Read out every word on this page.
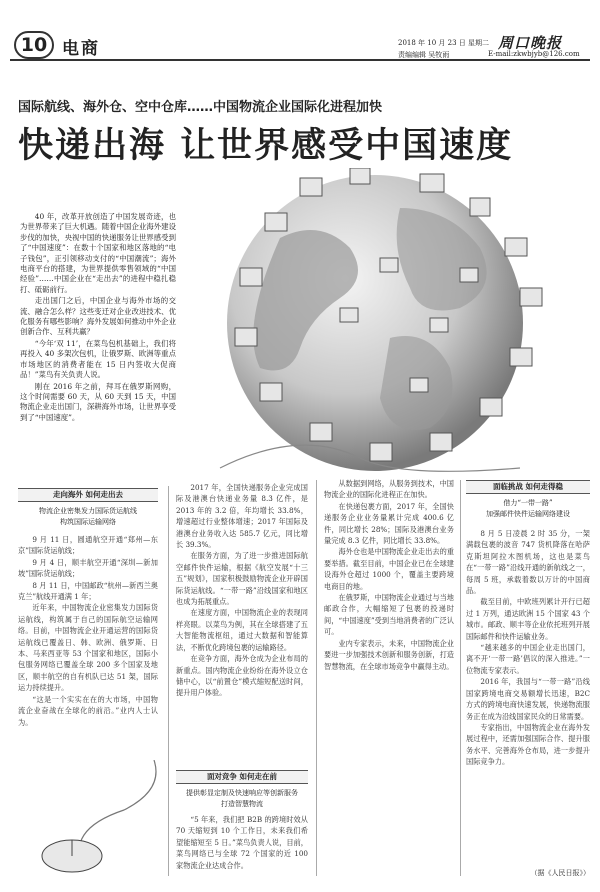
10 电商	2018 年 10 月 23 日 星期二 周口晚报
责编编辑 吴牧雨	E-mail:zkwbjyb@126.com
国际航线、海外仓、空中仓库……中国物流企业国际化进程加快
快递出海 让世界感受中国速度

40 年，改革开放创造了中国发展奇迹，也为世界带来了巨大机遇。随着中国企业海外建设步伐的加快，央视中国的快递服务让世界感受到了“中国速度”：在数十个国家和地区落地的“电子钱包”，正引领移动支付的“中国潮流”；海外电商平台的搭建，为世界提供零售领域的“中国经验”……中国企业在“走出去”的进程中稳扎稳打、砥砺前行。

走出国门之后，中国企业与海外市场的交流、融合怎么样？这些变迁对企业改进技术、优化服务有哪些影响？海外发展如何推动中外企业创新合作、互利共赢？

“今年‘双 11’，在菜鸟包机基础上，我们将再投入 40 多架次包机，让俄罗斯、欧洲等重点市场地区的消费者能在 15 日内签收大促商品！”菜鸟有关负责人说。

刚在 2016 年之前，拜耳在俄罗斯网购，这个时间需要 60 天，从 60 天到 15 天，中国物流企业走出国门，深耕海外市场，让世界享受到了“中国速度”。

走向海外 如何走出去
物流企业密集发力国际货运航线
构筑国际运输网络

9 月 11 日，圆通航空开通“郑州—东京”国际货运航线；

9 月 4 日，顺丰航空开通“深圳—新加坡”国际货运航线；

8 月 11 日，中国邮政“杭州—新西兰奥克兰”航线开通满 1 年；

近年来，中国物流企业密集发力国际货运航线，构筑属于自己的国际航空运输网络。目前，中国物流企业开通运营的国际货运航线已覆盖日、韩、欧洲、俄罗斯、日本、马来西亚等 53 个国家和地区，国际小包服务网络已覆盖全球 200 多个国家及地区，顺丰航空的自有机队已达 51 架，国际运力持续提升。

“这是一个实实在在的大市场，中国物流企业奋战在全球化的前沿。”业内人士认为。

2017 年，全国快递服务企业完成国际及港澳台快递业务量 8.3 亿件，是 2013 年的 3.2 倍，年均增长 33.8%，增速超过行业整体增速；2017 年国际及港澳台业务收入达 585.7 亿元，同比增长 39.3%。

在服务方面，为了进一步推进国际航空邮件快件运输，根据《航空发展“十三五”规划》，国家积极鼓励物流企业开辟国际货运航线。“一带一路”沿线国家和地区也成为拓展重点。

在速度方面，中国物流企业的表现同样亮眼。以菜鸟为例，其在全球搭建了五大智能物流枢纽，通过大数据和智能算法，不断优化跨境包裹的运输路径。

在竞争方面，海外仓成为企业布局的新重点。国内物流企业纷纷在海外设立仓储中心，以“前置仓”模式缩短配送时间，提升用户体验。

面对竞争 如何走在前
提供彰显定制及快速响应等创新服务
打造智慧物流

“5 年来，我们把 B2B 的跨境时效从 70 天缩短到 10 个工作日，未来我们希望能缩短至 5 日。”菜鸟负责人说，目前，菜鸟网络已与全球 72 个国家的近 100 家物流企业达成合作。

从数据到网络，从服务到技术，中国物流企业的国际化进程正在加快。

在快递包裹方面，2017 年，全国快递服务企业业务量累计完成 400.6 亿件，同比增长 28%；国际及港澳台业务量完成 8.3 亿件，同比增长 33.8%。

海外仓也是中国物流企业走出去的重要举措。截至目前，中国企业已在全球建设海外仓超过 1000 个，覆盖主要跨境电商目的地。

在俄罗斯，中国物流企业通过与当地邮政合作，大幅缩短了包裹的投递时间，“中国速度”受到当地消费者的广泛认可。

业内专家表示，未来，中国物流企业要进一步加强技术创新和服务创新，打造智慧物流，在全球市场竞争中赢得主动。

面临挑战 如何走得稳
借力“一带一路”
加强邮件快件运输网络建设

8 月 5 日凌晨 2 时 35 分，一架满载包裹的波音 747 货机降落在哈萨克斯坦阿拉木图机场，这也是菜鸟在“一带一路”沿线开通的新航线之一，每周 5 班，承载着数以万计的中国商品。

截至目前，中欧班列累计开行已超过 1 万列，通达欧洲 15 个国家 43 个城市。邮政、顺丰等企业依托班列开展国际邮件和快件运输业务。

“越来越多的中国企业走出国门，离不开‘一带一路’倡议的深入推进。”一位物流专家表示。

2016 年，我国与“一带一路”沿线国家跨境电商交易额增长迅速，B2C 方式的跨境电商快速发展，快递物流服务正在成为沿线国家民众的日常需要。

专家指出，中国物流企业在海外发展过程中，还需加强国际合作、提升服务水平、完善海外仓布局，进一步提升国际竞争力。

（据《人民日报》）
